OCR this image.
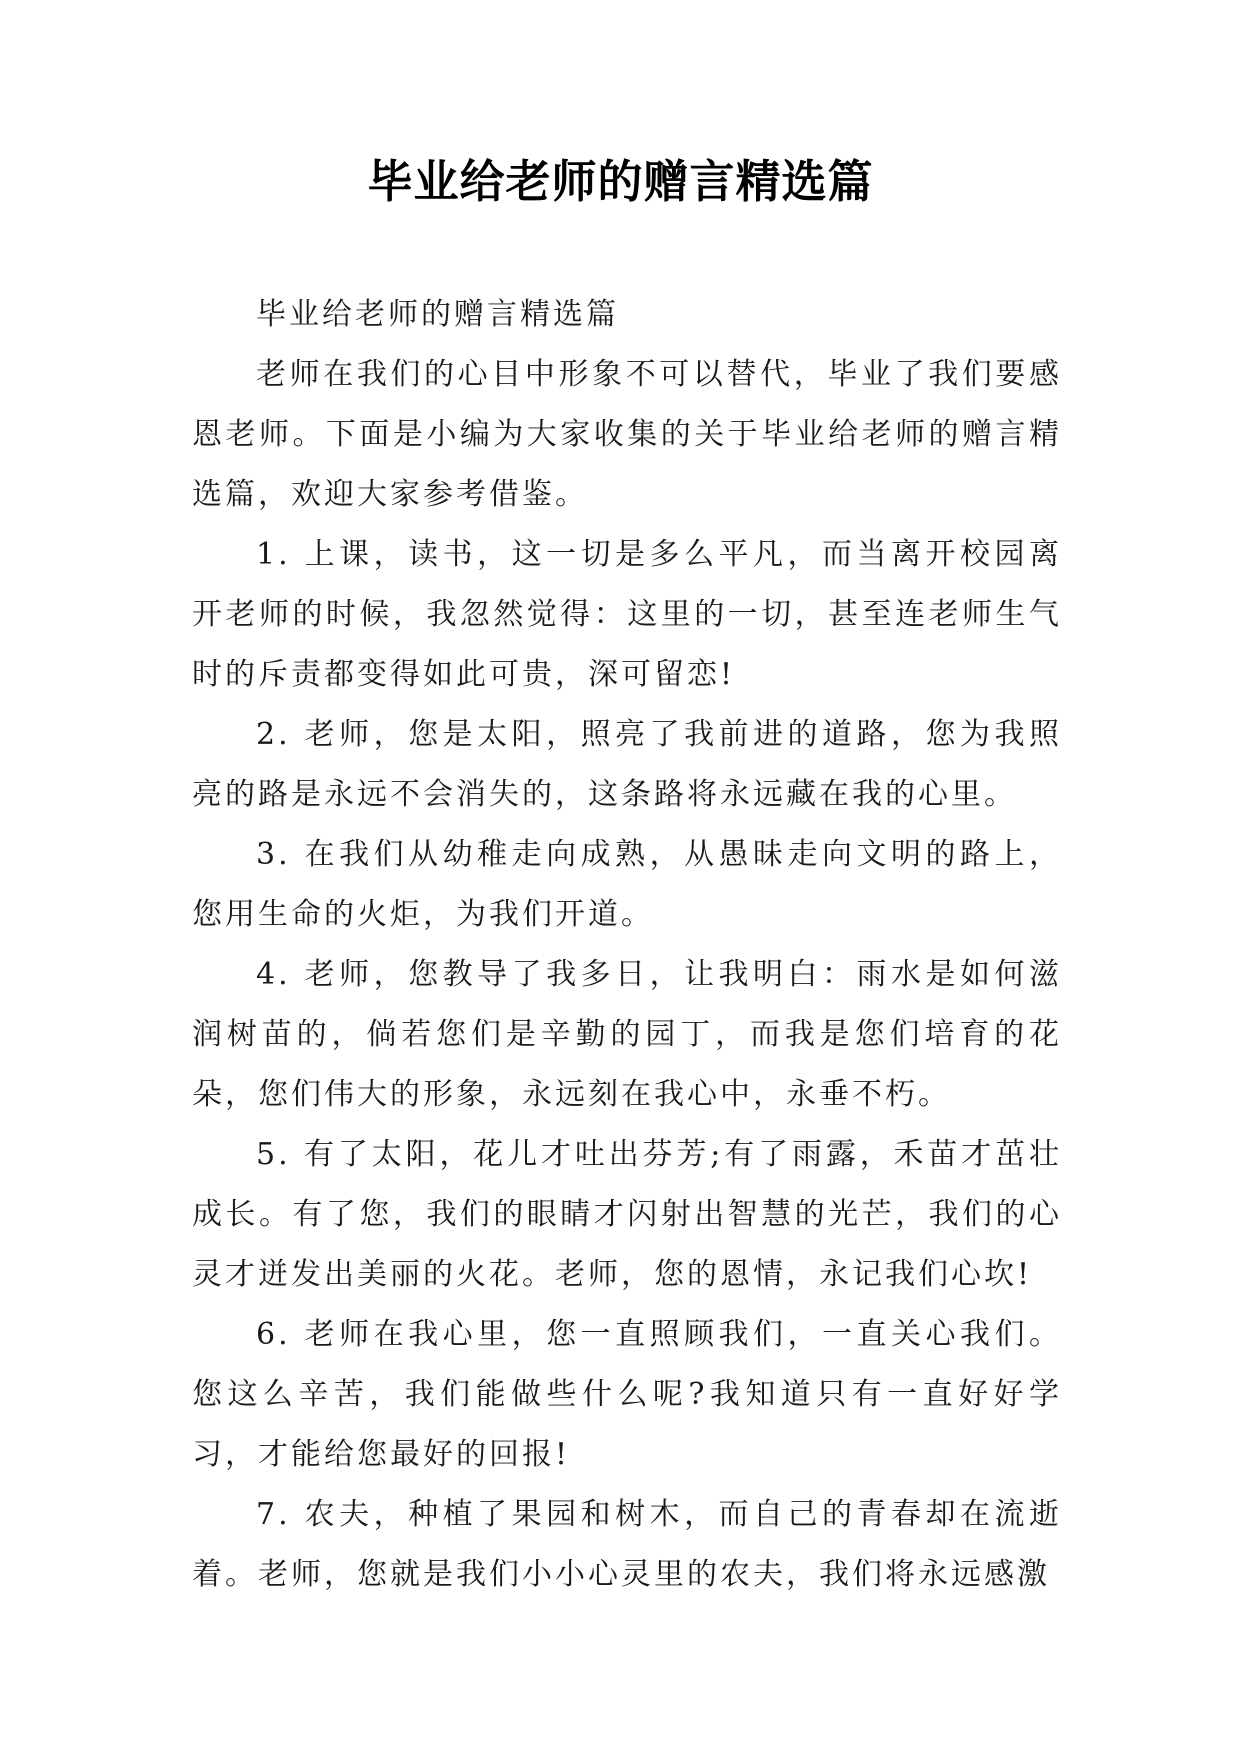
毕业给老师的赠言精选篇

毕业给老师的赠言精选篇

老师在我们的心目中形象不可以替代，毕业了我们要感恩老师。下面是小编为大家收集的关于毕业给老师的赠言精选篇，欢迎大家参考借鉴。

1. 上课，读书，这一切是多么平凡，而当离开校园离开老师的时候，我忽然觉得：这里的一切，甚至连老师生气时的斥责都变得如此可贵，深可留恋!

2. 老师，您是太阳，照亮了我前进的道路，您为我照亮的路是永远不会消失的，这条路将永远藏在我的心里。

3. 在我们从幼稚走向成熟，从愚昧走向文明的路上，您用生命的火炬，为我们开道。

4. 老师，您教导了我多日，让我明白：雨水是如何滋润树苗的，倘若您们是辛勤的园丁，而我是您们培育的花朵，您们伟大的形象，永远刻在我心中，永垂不朽。

5. 有了太阳，花儿才吐出芬芳;有了雨露，禾苗才茁壮成长。有了您，我们的眼睛才闪射出智慧的光芒，我们的心灵才迸发出美丽的火花。老师，您的恩情，永记我们心坎!

6. 老师在我心里，您一直照顾我们，一直关心我们。您这么辛苦，我们能做些什么呢?我知道只有一直好好学习，才能给您最好的回报!

7. 农夫，种植了果园和树木，而自己的青春却在流逝着。老师，您就是我们小小心灵里的农夫，我们将永远感激
